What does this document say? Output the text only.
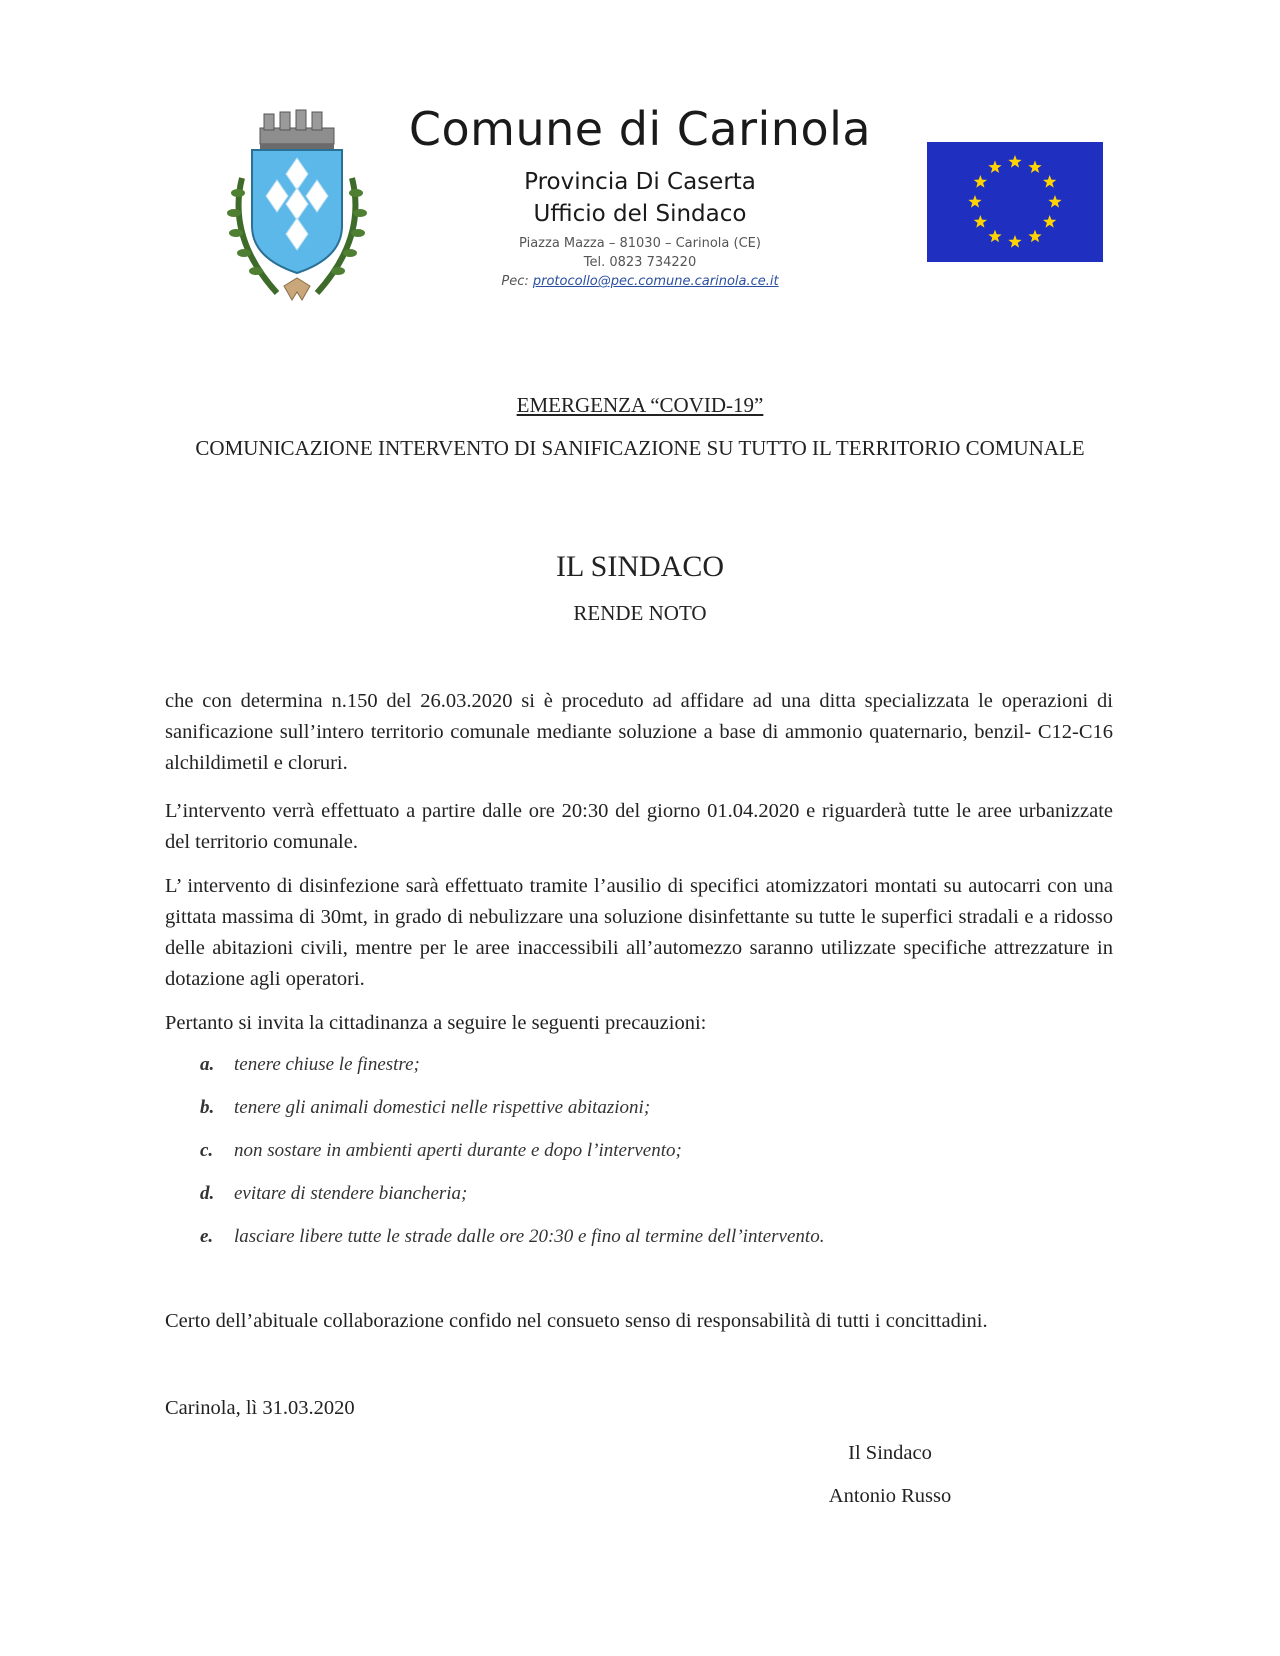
Comune di Carinola
Provincia Di Caserta
Ufficio del Sindaco
Piazza Mazza – 81030 – Carinola (CE)
Tel. 0823 734220
Pec: protocollo@pec.comune.carinola.ce.it
EMERGENZA “COVID-19”
COMUNICAZIONE INTERVENTO DI SANIFICAZIONE SU TUTTO IL TERRITORIO COMUNALE
IL SINDACO
RENDE NOTO
che con determina n.150 del 26.03.2020 si è proceduto ad affidare ad una ditta specializzata le operazioni di sanificazione sull’intero territorio comunale mediante soluzione a base di ammonio quaternario, benzil- C12-C16 alchildimetil e cloruri.
L’intervento verrà effettuato a partire dalle ore 20:30 del giorno 01.04.2020 e riguarderà tutte le aree urbanizzate del territorio comunale.
L’ intervento di disinfezione sarà effettuato tramite l’ausilio di specifici atomizzatori montati su autocarri con una gittata massima di 30mt, in grado di nebulizzare una soluzione disinfettante su tutte le superfici stradali e a ridosso delle abitazioni civili, mentre per le aree inaccessibili all’automezzo saranno utilizzate specifiche attrezzature in dotazione agli operatori.
Pertanto si invita la cittadinanza a seguire le seguenti precauzioni:
a. tenere chiuse le finestre;
b. tenere gli animali domestici nelle rispettive abitazioni;
c. non sostare in ambienti aperti durante e dopo l’intervento;
d. evitare di stendere biancheria;
e. lasciare libere tutte le strade dalle ore 20:30 e fino al termine dell’intervento.
Certo dell’abituale collaborazione confido nel consueto senso di responsabilità di tutti i concittadini.
Carinola, lì 31.03.2020
Il Sindaco
Antonio Russo
